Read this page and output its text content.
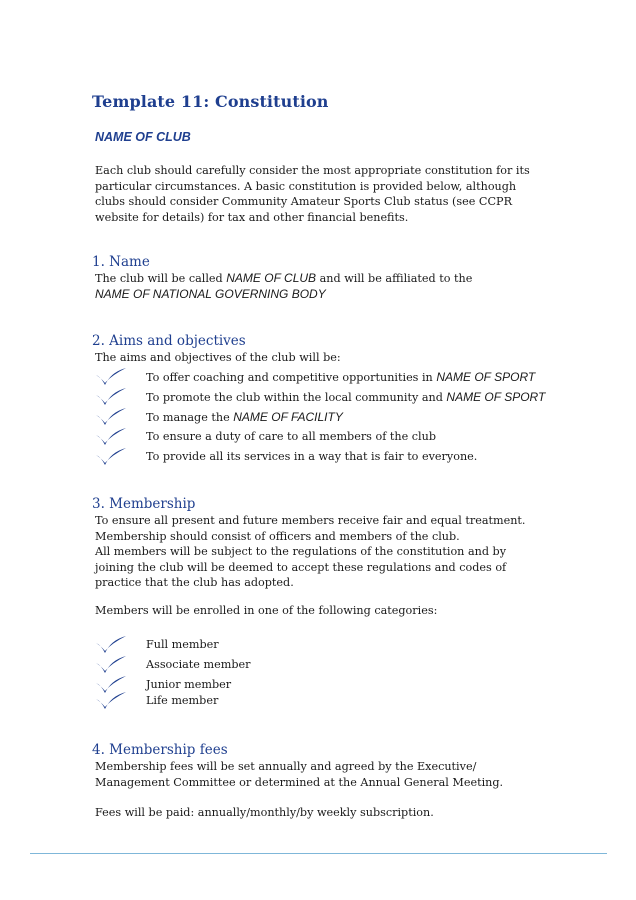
Template 11: Constitution
NAME OF CLUB

Each club should carefully consider the most appropriate constitution for its

particular circumstances. A basic constitution is provided below, although

clubs should consider Community Amateur Sports Club status (see CCPR

website for details) for tax and other financial benefits.

1. Name

The club will be called NAME OF CLUB and will be affiliated to the

NAME OF NATIONAL GOVERNING BODY

2. Aims and objectives
The aims and objectives of the club will be:
To offer coaching and competitive opportunities in NAME OF SPORT
To promote the club within the local community and NAME OF SPORT
To manage the NAME OF FACILITY
To ensure a duty of care to all members of the club
To provide all its services in a way that is fair to everyone.
3. Membership

To ensure all present and future members receive fair and equal treatment.

Membership should consist of officers and members of the club.

All members will be subject to the regulations of the constitution and by

joining the club will be deemed to accept these regulations and codes of

practice that the club has adopted.

Members will be enrolled in one of the following categories:
Full member
Associate member
Junior member
Life member
4. Membership fees

Membership fees will be set annually and agreed by the Executive/

Management Committee or determined at the Annual General Meeting.

Fees will be paid: annually/monthly/by weekly subscription.
